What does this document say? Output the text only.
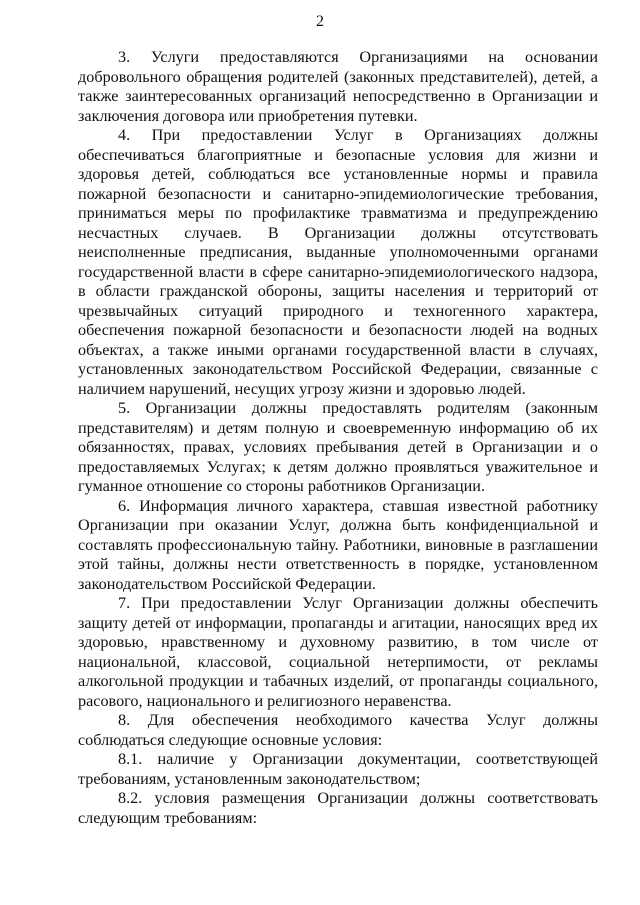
2

3. Услуги предоставляются Организациями на основании добровольного обращения родителей (законных представителей), детей, а также заинтересованных организаций непосредственно в Организации и заключения договора или приобретения путевки.

4. При предоставлении Услуг в Организациях должны обеспечиваться благоприятные и безопасные условия для жизни и здоровья детей, соблюдаться все установленные нормы и правила пожарной безопасности и санитарно-эпидемиологические требования, приниматься меры по профилактике травматизма и предупреждению несчастных случаев. В Организации должны отсутствовать неисполненные предписания, выданные уполномоченными органами государственной власти в сфере санитарно-эпидемиологического надзора, в области гражданской обороны, защиты населения и территорий от чрезвычайных ситуаций природного и техногенного характера, обеспечения пожарной безопасности и безопасности людей на водных объектах, а также иными органами государственной власти в случаях, установленных законодательством Российской Федерации, связанные с наличием нарушений, несущих угрозу жизни и здоровью людей.

5. Организации должны предоставлять родителям (законным представителям) и детям полную и своевременную информацию об их обязанностях, правах, условиях пребывания детей в Организации и о предоставляемых Услугах; к детям должно проявляться уважительное и гуманное отношение со стороны работников Организации.

6. Информация личного характера, ставшая известной работнику Организации при оказании Услуг, должна быть конфиденциальной и составлять профессиональную тайну. Работники, виновные в разглашении этой тайны, должны нести ответственность в порядке, установленном законодательством Российской Федерации.

7. При предоставлении Услуг Организации должны обеспечить защиту детей от информации, пропаганды и агитации, наносящих вред их здоровью, нравственному и духовному развитию, в том числе от национальной, классовой, социальной нетерпимости, от рекламы алкогольной продукции и табачных изделий, от пропаганды социального, расового, национального и религиозного неравенства.

8. Для обеспечения необходимого качества Услуг должны соблюдаться следующие основные условия:

8.1. наличие у Организации документации, соответствующей требованиям, установленным законодательством;

8.2. условия размещения Организации должны соответствовать следующим требованиям:
